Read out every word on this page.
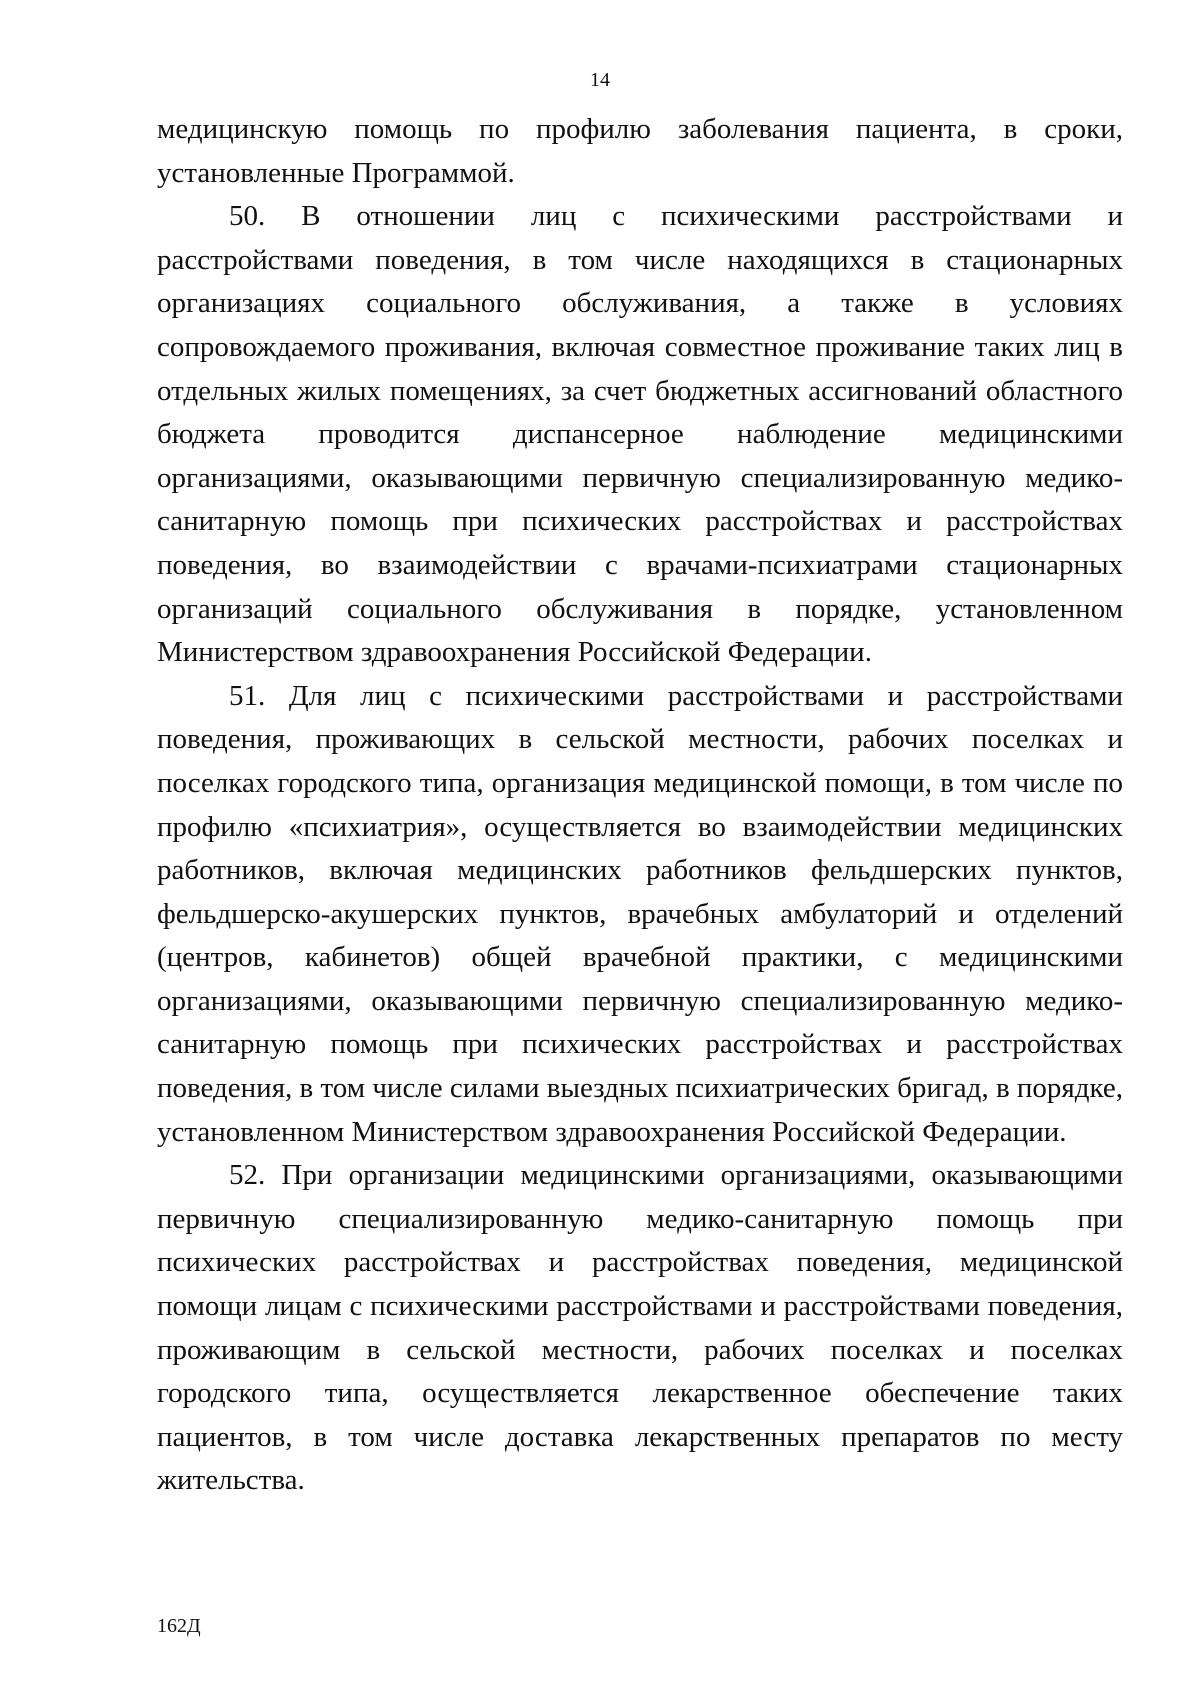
14

медицинскую помощь по профилю заболевания пациента, в сроки, установленные Программой.

50. В отношении лиц с психическими расстройствами и расстройствами поведения, в том числе находящихся в стационарных организациях социального обслуживания, а также в условиях сопровождаемого проживания, включая совместное проживание таких лиц в отдельных жилых помещениях, за счет бюджетных ассигнований областного бюджета проводится диспансерное наблюдение медицинскими организациями, оказывающими первичную специализированную медико-санитарную помощь при психических расстройствах и расстройствах поведения, во взаимодействии с врачами-психиатрами стационарных организаций социального обслуживания в порядке, установленном Министерством здравоохранения Российской Федерации.

51. Для лиц с психическими расстройствами и расстройствами поведения, проживающих в сельской местности, рабочих поселках и поселках городского типа, организация медицинской помощи, в том числе по профилю «психиатрия», осуществляется во взаимодействии медицинских работников, включая медицинских работников фельдшерских пунктов, фельдшерско-акушерских пунктов, врачебных амбулаторий и отделений (центров, кабинетов) общей врачебной практики, с медицинскими организациями, оказывающими первичную специализированную медико-санитарную помощь при психических расстройствах и расстройствах поведения, в том числе силами выездных психиатрических бригад, в порядке, установленном Министерством здравоохранения Российской Федерации.

52. При организации медицинскими организациями, оказывающими первичную специализированную медико-санитарную помощь при психических расстройствах и расстройствах поведения, медицинской помощи лицам с психическими расстройствами и расстройствами поведения, проживающим в сельской местности, рабочих поселках и поселках городского типа, осуществляется лекарственное обеспечение таких пациентов, в том числе доставка лекарственных препаратов по месту жительства.

162Д
